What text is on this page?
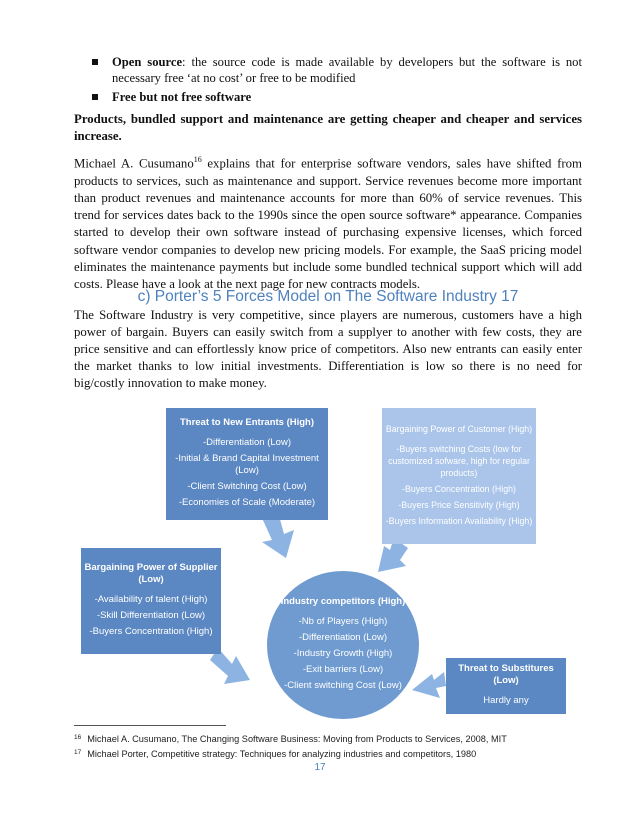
Open source: the source code is made available by developers but the software is not necessary free ‘at no cost’ or free to be modified
Free but not free software
Products, bundled support and maintenance are getting cheaper and cheaper and services increase.
Michael A. Cusumano$^{16}$ explains that for enterprise software vendors, sales have shifted from products to services, such as maintenance and support. Service revenues become more important than product revenues and maintenance accounts for more than 60% of service revenues. This trend for services dates back to the 1990s since the open source software* appearance. Companies started to develop their own software instead of purchasing expensive licenses, which forced software vendor companies to develop new pricing models. For example, the SaaS pricing model eliminates the maintenance payments but include some bundled technical support which will add costs. Please have a look at the next page for new contracts models.
c) Porter’s 5 Forces Model on The Software Industry 17
The Software Industry is very competitive, since players are numerous, customers have a high power of bargain. Buyers can easily switch from a supplyer to another with few costs, they are price sensitive and can effortlessly know price of competitors. Also new entrants can easily enter the market thanks to low initial investments. Differentiation is low so there is no need for big/costly innovation to make money.
Threat to New Entrants (High)
-Differentiation (Low)
-Initial & Brand Capital Investment (Low)
-Client Switching Cost (Low)
-Economies of Scale (Moderate)
Bargaining Power of Customer (High)
-Buyers switching Costs (low for customized sofware, high for regular products)
-Buyers Concentration (High)
-Buyers Price Sensitivity (High)
-Buyers Information Availability (High)
Bargaining Power of Supplier (Low)
-Availability of talent (High)
-Skill Differentiation (Low)
-Buyers Concentration (High)
Industry competitors (High)
-Nb of Players (High)
-Differentiation (Low)
-Industry Growth (High)
-Exit barriers (Low)
-Client switching Cost (Low)
Threat to Substitures (Low)
Hardly any
$^{16}$ Michael A. Cusumano, The Changing Software Business: Moving from Products to Services, 2008, MIT
$^{17}$ Michael Porter, Competitive strategy: Techniques for analyzing industries and competitors, 1980
17
